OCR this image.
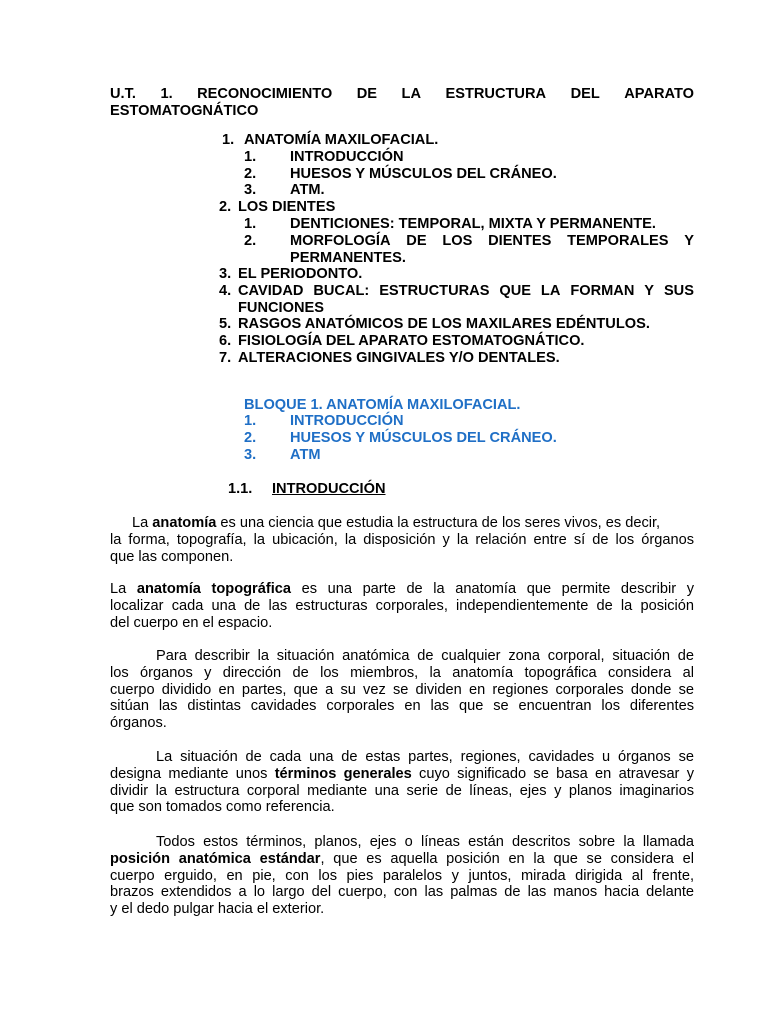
U.T. 1. RECONOCIMIENTO DE LA ESTRUCTURA DEL APARATO
ESTOMATOGNÁTICO
1. ANATOMÍA MAXILOFACIAL.
1. INTRODUCCIÓN
2. HUESOS Y MÚSCULOS DEL CRÁNEO.
3. ATM.
2. LOS DIENTES
1. DENTICIONES: TEMPORAL, MIXTA Y PERMANENTE.
2.	MORFOLOGÍA DE LOS DIENTES TEMPORALES Y
PERMANENTES.
3. EL PERIODONTO.
4. CAVIDAD BUCAL: ESTRUCTURAS QUE LA FORMAN Y SUS
FUNCIONES
5. RASGOS ANATÓMICOS DE LOS MAXILARES EDÉNTULOS.
6. FISIOLOGÍA DEL APARATO ESTOMATOGNÁTICO.
7. ALTERACIONES GINGIVALES Y/O DENTALES.
BLOQUE 1. ANATOMÍA MAXILOFACIAL.
1. INTRODUCCIÓN
2. HUESOS Y MÚSCULOS DEL CRÁNEO.
3. ATM
1.1. INTRODUCCIÓN
La anatomía es una ciencia que estudia la estructura de los seres vivos, es decir,
la forma, topografía, la ubicación, la disposición y la relación entre sí de los órganos
que las componen.
La anatomía topográfica es una parte de la anatomía que permite describir y
localizar cada una de las estructuras corporales, independientemente de la posición
del cuerpo en el espacio.
Para describir la situación anatómica de cualquier zona corporal, situación de
los órganos y dirección de los miembros, la anatomía topográfica considera al
cuerpo dividido en partes, que a su vez se dividen en regiones corporales donde se
sitúan las distintas cavidades corporales en las que se encuentran los diferentes
órganos.
La situación de cada una de estas partes, regiones, cavidades u órganos se
designa mediante unos términos generales cuyo significado se basa en atravesar y
dividir la estructura corporal mediante una serie de líneas, ejes y planos imaginarios
que son tomados como referencia.
Todos estos términos, planos, ejes o líneas están descritos sobre la llamada
posición anatómica estándar, que es aquella posición en la que se considera el
cuerpo erguido, en pie, con los pies paralelos y juntos, mirada dirigida al frente,
brazos extendidos a lo largo del cuerpo, con las palmas de las manos hacia delante
y el dedo pulgar hacia el exterior.
